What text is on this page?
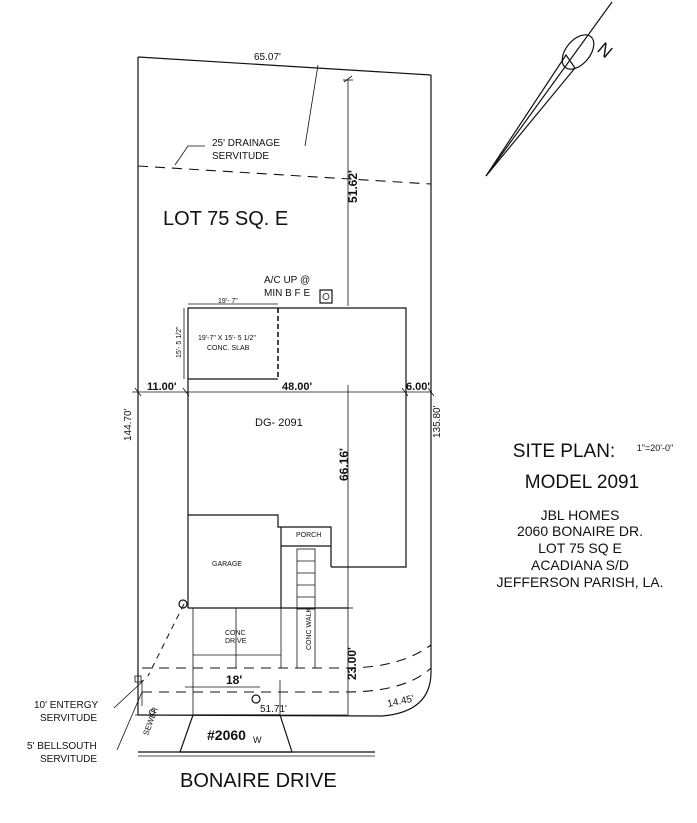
N
65.07'
25' DRAINAGE
SERVITUDE
LOT 75 SQ. E
51.62'
A/C UP @
MIN B F E
19'- 7"
15'- 5 1/2" 19'-7" X 15'- 5 1/2"
CONC. SLAB
11.00'	48.00'	6.00'
144.70'	135.80'
DG- 2091
66.16'
PORCH
GARAGE
CONC
DRIVE	CONC WALK
23.00'
18'
51.71'	14.45'
#2060 W
SEWER
10' ENTERGY
SERVITUDE
5' BELLSOUTH
SERVITUDE
BONAIRE DRIVE
SITE PLAN: 1"=20'-0"
MODEL 2091
JBL HOMES
2060 BONAIRE DR.
LOT 75 SQ E
ACADIANA S/D
JEFFERSON PARISH, LA.
